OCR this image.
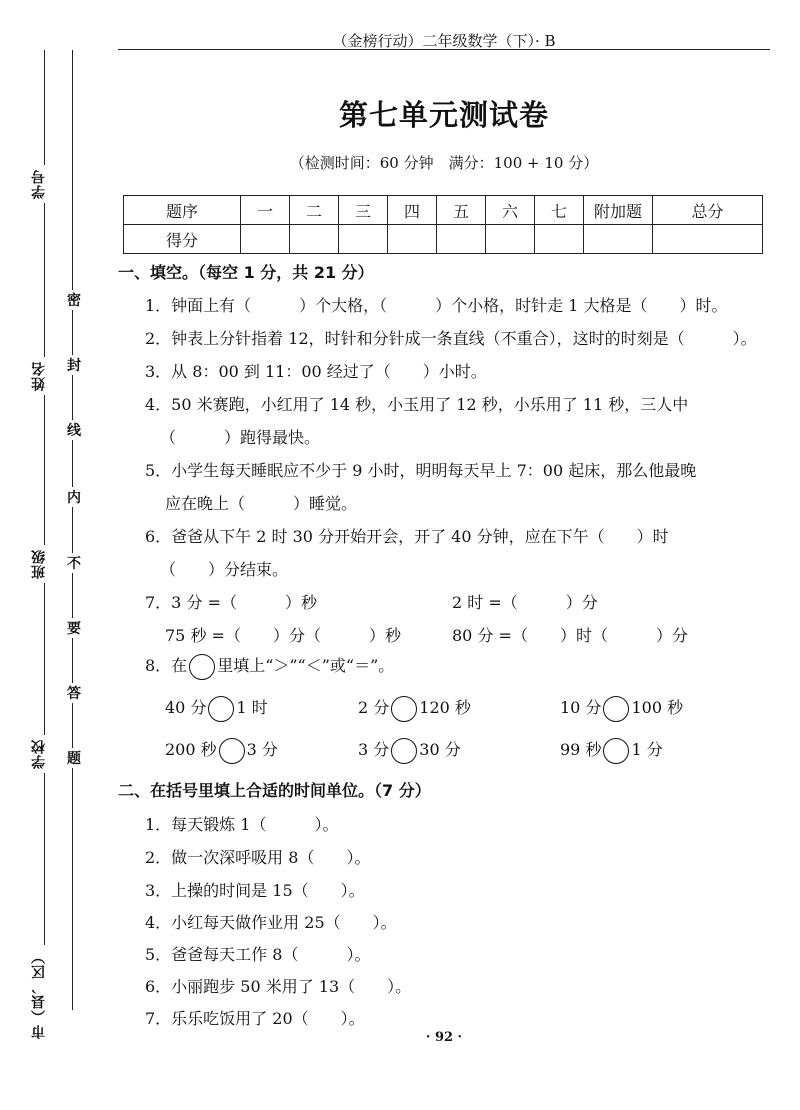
学号
姓名
班级
学校
市（县、区）
密
封
线
内
不
要
答
题
（金榜行动）二年级数学（下）· B
第七单元测试卷
（检测时间：60 分钟　满分：100 + 10 分）
题序	一	二	三	四	五	六	七	附加题	总分
得分									
一、填空。（每空 1 分，共 21 分）
1．钟面上有（　　　）个大格，（　　　）个小格，时针走 1 大格是（　　）时。
2．钟表上分针指着 12，时针和分针成一条直线（不重合），这时的时刻是（　　　）。
3．从 8：00 到 11：00 经过了（　　）小时。
4．50 米赛跑，小红用了 14 秒，小玉用了 12 秒，小乐用了 11 秒，三人中
（　　　）跑得最快。
5．小学生每天睡眠应不少于 9 小时，明明每天早上 7：00 起床，那么他最晚
应在晚上（　　　）睡觉。
6．爸爸从下午 2 时 30 分开始开会，开了 40 分钟，应在下午（　　）时
（　　）分结束。
7．3 分 =（　　　）秒	2 时 =（　　　）分
75 秒 =（　　）分（　　　）秒	80 分 =（　　）时（　　　）分
8．在 里填上“＞”“＜”或“＝”。
40 分 1 时	2 分 120 秒	10 分 100 秒
200 秒 3 分	3 分 30 分	99 秒 1 分
二、在括号里填上合适的时间单位。（7 分）
1．每天锻炼 1（　　　）。
2．做一次深呼吸用 8（　　）。
3．上操的时间是 15（　　）。
4．小红每天做作业用 25（　　）。
5．爸爸每天工作 8（　　　）。
6．小丽跑步 50 米用了 13（　　）。
7．乐乐吃饭用了 20（　　）。
· 92 ·
